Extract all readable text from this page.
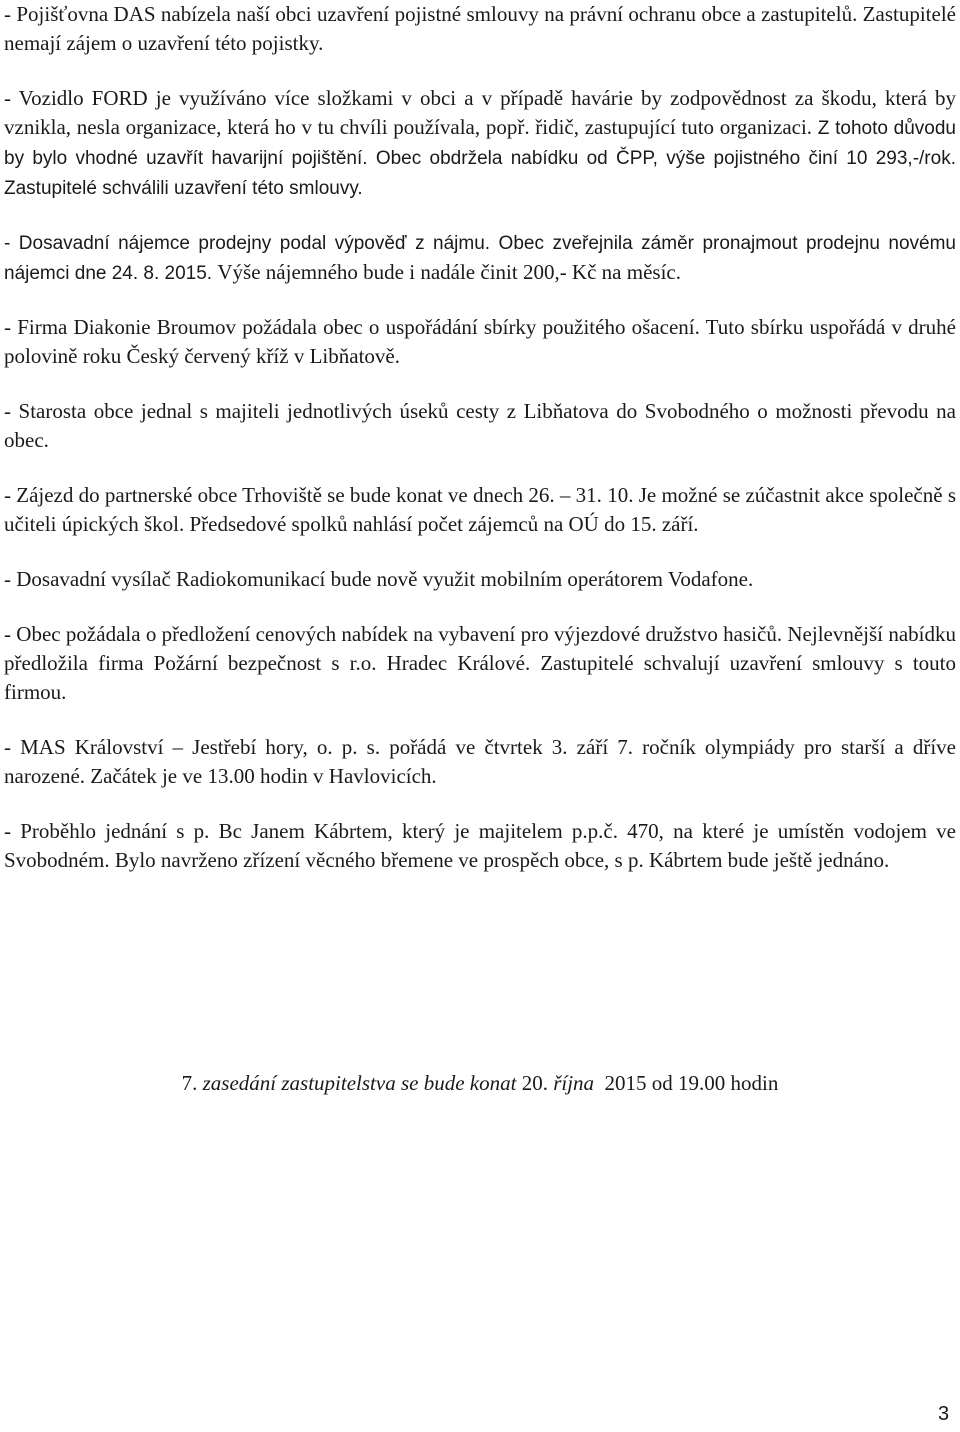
- Pojišťovna DAS nabízela naší obci uzavření pojistné smlouvy na právní ochranu obce a zastupitelů. Zastupitelé nemají zájem o uzavření této pojistky.

- Vozidlo FORD je využíváno více složkami v obci a v případě havárie by zodpovědnost za škodu, která by vznikla, nesla organizace, která ho v tu chvíli používala, popř. řidič, zastupující tuto organizaci. Z tohoto důvodu by bylo vhodné uzavřít havarijní pojištění. Obec obdržela nabídku od ČPP, výše pojistného činí 10 293,-/rok. Zastupitelé schválili uzavření této smlouvy.

- Dosavadní nájemce prodejny podal výpověď z nájmu. Obec zveřejnila záměr pronajmout prodejnu novému nájemci dne 24. 8. 2015. Výše nájemného bude i nadále činit 200,- Kč na měsíc.

- Firma Diakonie Broumov požádala obec o uspořádání sbírky použitého ošacení. Tuto sbírku uspořádá v druhé polovině roku Český červený kříž v Libňatově.

- Starosta obce jednal s majiteli jednotlivých úseků cesty z Libňatova do Svobodného o možnosti převodu na obec.

- Zájezd do partnerské obce Trhoviště se bude konat ve dnech 26. – 31. 10. Je možné se zúčastnit akce společně s učiteli úpických škol. Předsedové spolků nahlásí počet zájemců na OÚ do 15. září.

- Dosavadní vysílač Radiokomunikací bude nově využit mobilním operátorem Vodafone.

- Obec požádala o předložení cenových nabídek na vybavení pro výjezdové družstvo hasičů. Nejlevnější nabídku předložila firma Požární bezpečnost s r.o. Hradec Králové. Zastupitelé schvalují uzavření smlouvy s touto firmou.

- MAS Království – Jestřebí hory, o. p. s. pořádá ve čtvrtek 3. září 7. ročník olympiády pro starší a dříve narozené. Začátek je ve 13.00 hodin v Havlovicích.

- Proběhlo jednání s p. Bc Janem Kábrtem, který je majitelem p.p.č. 470, na které je umístěn vodojem ve Svobodném. Bylo navrženo zřízení věcného břemene ve prospěch obce, s p. Kábrtem bude ještě jednáno.

7. zasedání zastupitelstva se bude konat 20. října  2015 od 19.00 hodin
3
